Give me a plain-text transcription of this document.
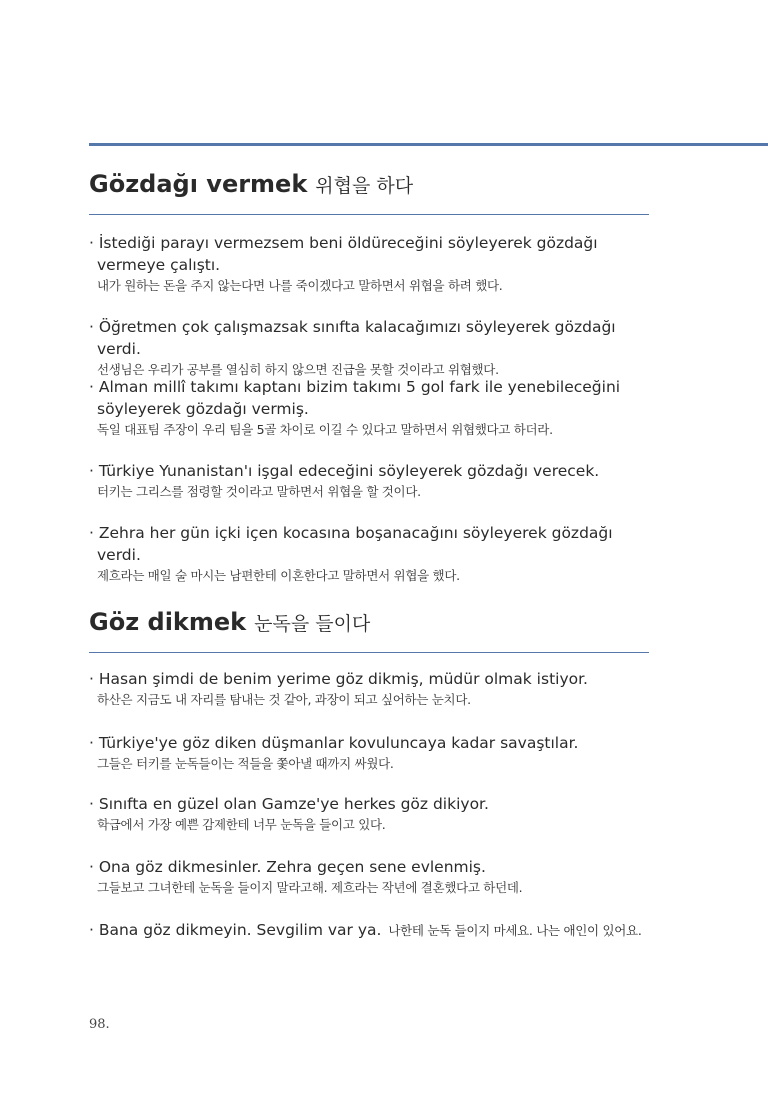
Gözdağı vermek 위협을 하다
· İstediği parayı vermezsem beni öldüreceğini söyleyerek gözdağı vermeye çalıştı.
내가 원하는 돈을 주지 않는다면 나를 죽이겠다고 말하면서 위협을 하려 했다.
· Öğretmen çok çalışmazsak sınıfta kalacağımızı söyleyerek gözdağı verdi.
선생님은 우리가 공부를 열심히 하지 않으면 진급을 못할 것이라고 위협했다.
· Alman millî takımı kaptanı bizim takımı 5 gol fark ile yenebileceğini söyleyerek gözdağı vermiş.
독일 대표팀 주장이 우리 팀을 5골 차이로 이길 수 있다고 말하면서 위협했다고 하더라.
· Türkiye Yunanistan'ı işgal edeceğini söyleyerek gözdağı verecek.
터키는 그리스를 점령할 것이라고 말하면서 위협을 할 것이다.
· Zehra her gün içki içen kocasına boşanacağını söyleyerek gözdağı verdi.
제흐라는 매일 술 마시는 남편한테 이혼한다고 말하면서 위협을 했다.
Göz dikmek 눈독을 들이다
· Hasan şimdi de benim yerime göz dikmiş, müdür olmak istiyor.
하산은 지금도 내 자리를 탐내는 것 같아, 과장이 되고 싶어하는 눈치다.
· Türkiye'ye göz diken düşmanlar kovuluncaya kadar savaştılar.
그들은 터키를 눈독들이는 적들을 쫓아낼 때까지 싸웠다.
· Sınıfta en güzel olan Gamze'ye herkes göz dikiyor.
학급에서 가장 예쁜 감제한테 너무 눈독을 들이고 있다.
· Ona göz dikmesinler. Zehra geçen sene evlenmiş.
그들보고 그녀한테 눈독을 들이지 말라고해. 제흐라는 작년에 결혼했다고 하던데.
· Bana göz dikmeyin. Sevgilim var ya. 나한테 눈독 들이지 마세요. 나는 애인이 있어요.
98.
